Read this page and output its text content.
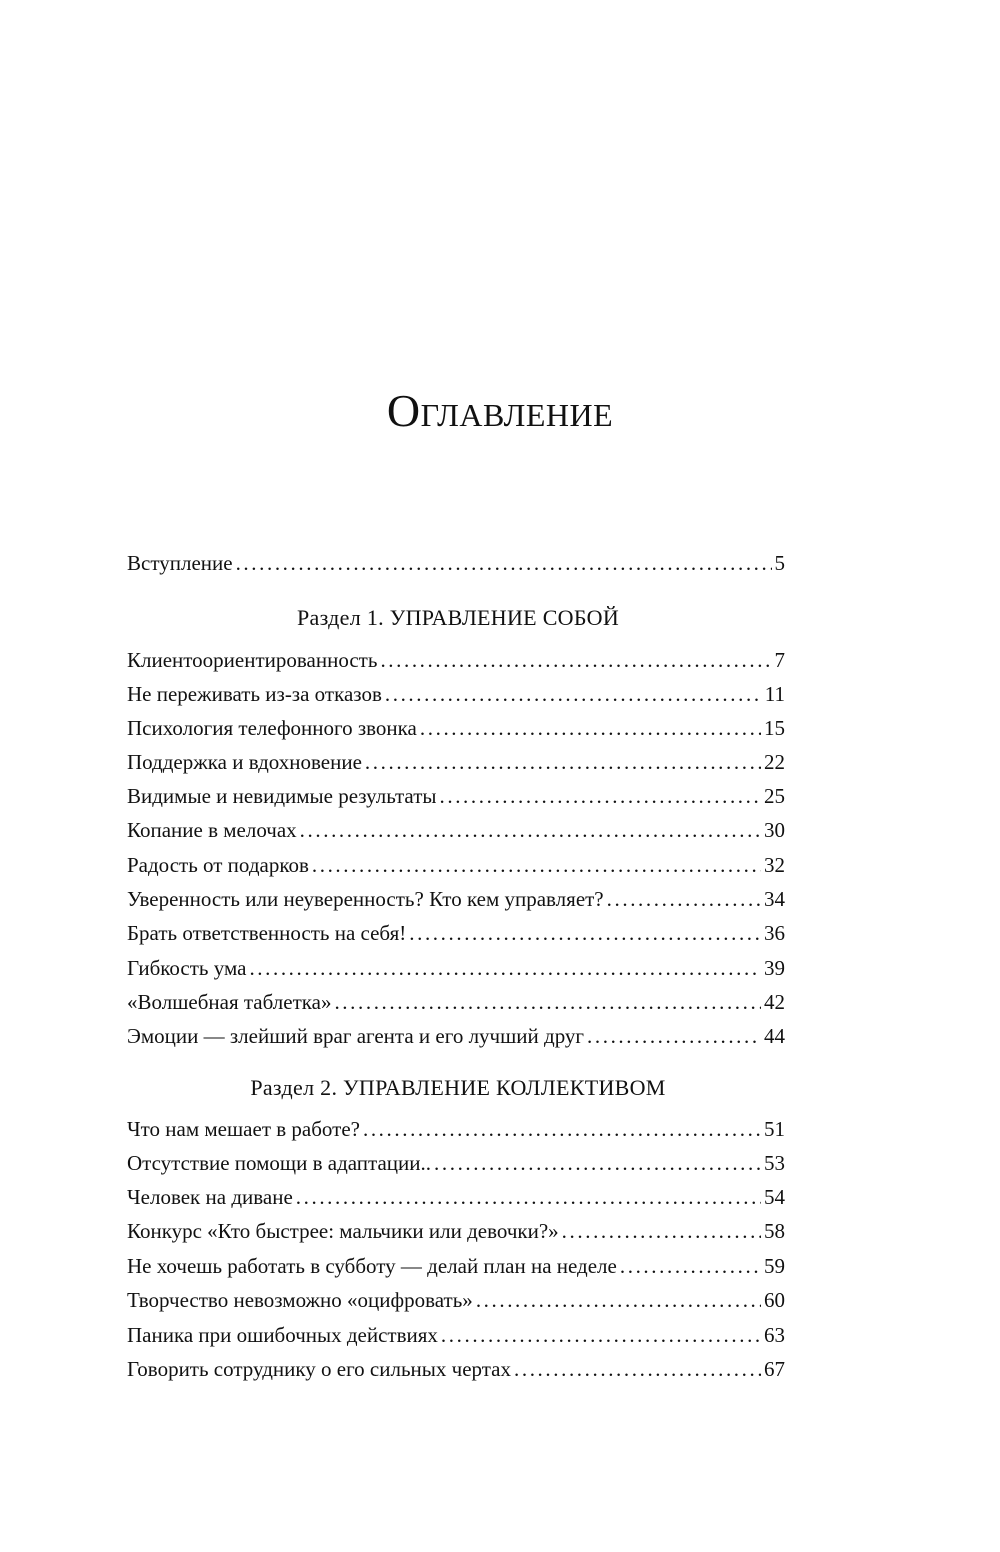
Оглавление
Вступление .....	5
Раздел 1. УПРАВЛЕНИЕ СОБОЙ
Клиентоориентированность .....	7
Не переживать из-за отказов .....	11
Психология телефонного звонка .....	15
Поддержка и вдохновение .....	22
Видимые и невидимые результаты .....	25
Копание в мелочах .....	30
Радость от подарков .....	32
Уверенность или неуверенность? Кто кем управляет? .....	34
Брать ответственность на себя! .....	36
Гибкость ума .....	39
«Волшебная таблетка» .....	42
Эмоции — злейший враг агента и его лучший друг .....	44
Раздел 2. УПРАВЛЕНИЕ КОЛЛЕКТИВОМ
Что нам мешает в работе? .....	51
Отсутствие помощи в адаптации.. .....	53
Человек на диване .....	54
Конкурс «Кто быстрее: мальчики или девочки?» .....	58
Не хочешь работать в субботу — делай план на неделе .....	59
Творчество невозможно «оцифровать» .....	60
Паника при ошибочных действиях .....	63
Говорить сотруднику о его сильных чертах .....	67
